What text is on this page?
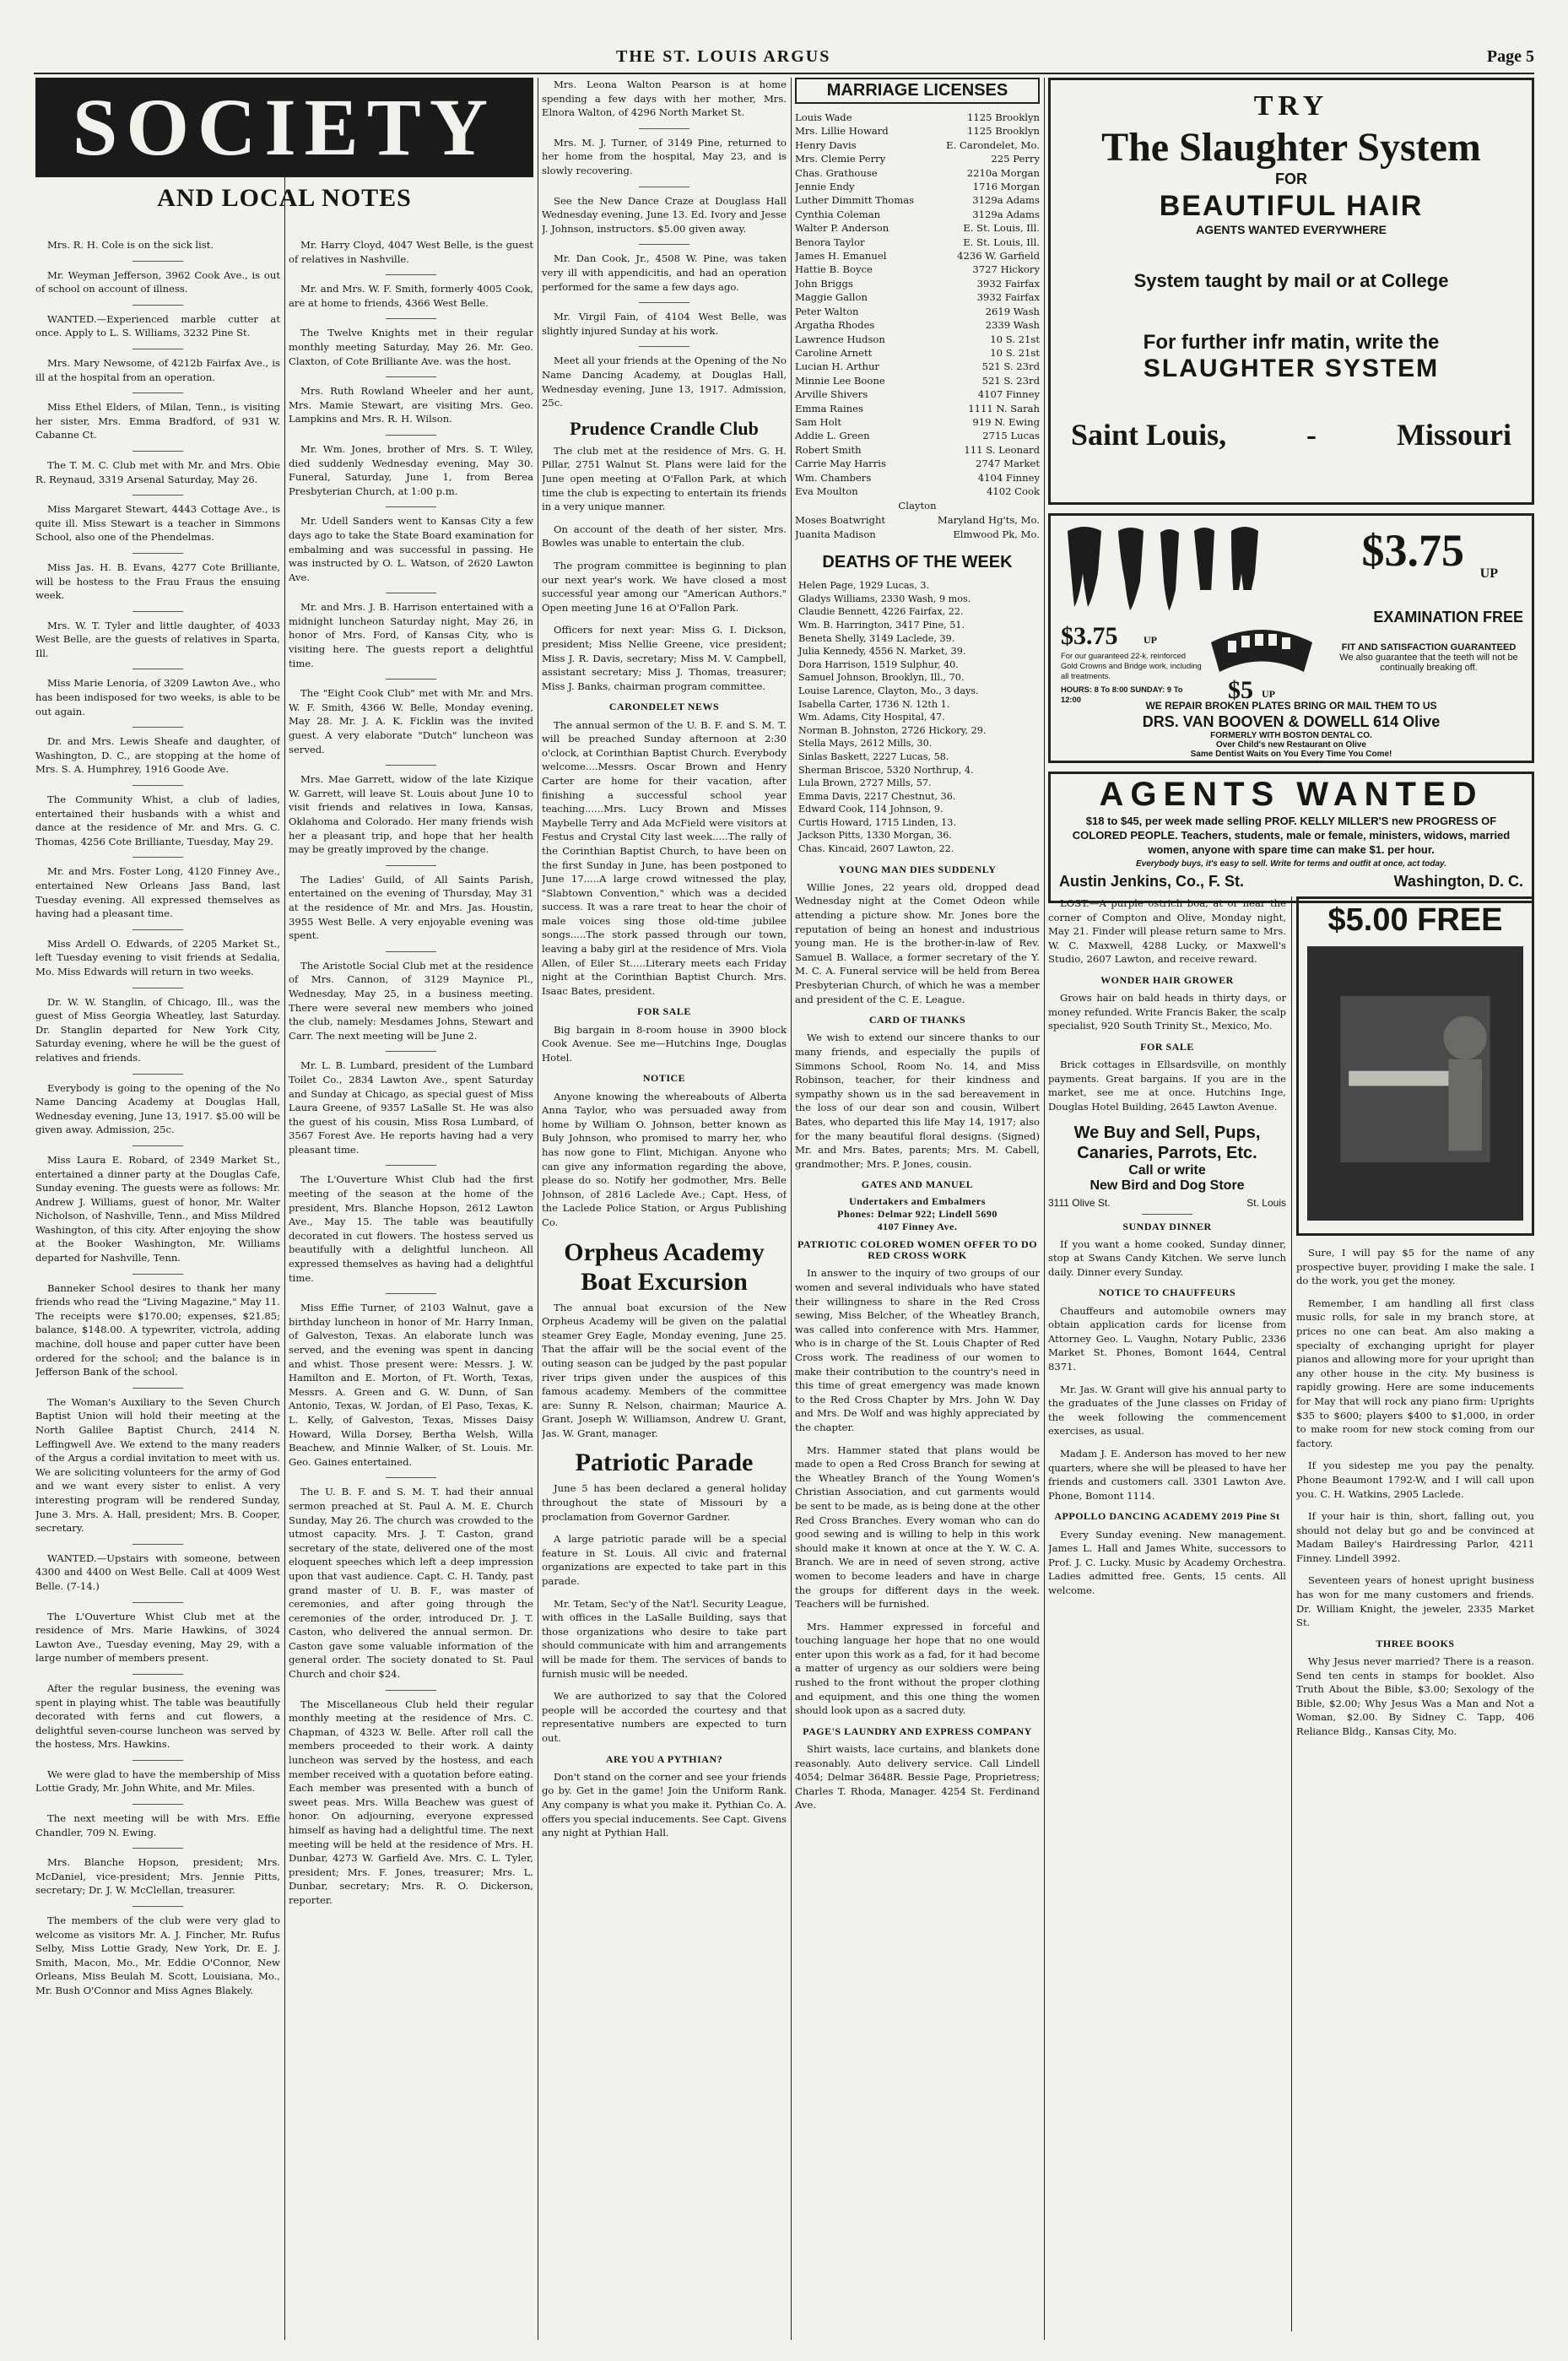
THE ST. LOUIS ARGUS	Page 5
SOCIETY
AND LOCAL NOTES

Mrs. R. H. Cole is on the sick list.

Mr. Weyman Jefferson, 3962 Cook Ave., is out of school on account of illness.

WANTED.—Experienced marble cutter at once. Apply to L. S. Williams, 3232 Pine St.

Mrs. Mary Newsome, of 4212b Fairfax Ave., is ill at the hospital from an operation.

Miss Ethel Elders, of Milan, Tenn., is visiting her sister, Mrs. Emma Bradford, of 931 W. Cabanne Ct.

The T. M. C. Club met with Mr. and Mrs. Obie R. Reynaud, 3319 Arsenal Saturday, May 26.

Miss Margaret Stewart, 4443 Cottage Ave., is quite ill. Miss Stewart is a teacher in Simmons School, also one of the Phendelmas.

Miss Jas. H. B. Evans, 4277 Cote Brilliante, will be hostess to the Frau Fraus the ensuing week.

Mrs. W. T. Tyler and little daughter, of 4033 West Belle, are the guests of relatives in Sparta, Ill.

Miss Marie Lenoria, of 3209 Lawton Ave., who has been indisposed for two weeks, is able to be out again.

Dr. and Mrs. Lewis Sheafe and daughter, of Washington, D. C., are stopping at the home of Mrs. S. A. Humphrey, 1916 Goode Ave.

The Community Whist, a club of ladies, entertained their husbands with a whist and dance at the residence of Mr. and Mrs. G. C. Thomas, 4256 Cote Brilliante, Tuesday, May 29.

Mr. and Mrs. Foster Long, 4120 Finney Ave., entertained New Orleans Jass Band, last Tuesday evening. All expressed themselves as having had a pleasant time.

Miss Ardell O. Edwards, of 2205 Market St., left Tuesday evening to visit friends at Sedalia, Mo. Miss Edwards will return in two weeks.

Dr. W. W. Stanglin, of Chicago, Ill., was the guest of Miss Georgia Wheatley, last Saturday. Dr. Stanglin departed for New York City, Saturday evening, where he will be the guest of relatives and friends.

Everybody is going to the opening of the No Name Dancing Academy at Douglas Hall, Wednesday evening, June 13, 1917. $5.00 will be given away. Admission, 25c.

Miss Laura E. Robard, of 2349 Market St., entertained a dinner party at the Douglas Cafe, Sunday evening. The guests were as follows: Mr. Andrew J. Williams, guest of honor, Mr. Walter Nicholson, of Nashville, Tenn., and Miss Mildred Washington, of this city. After enjoying the show at the Booker Washington, Mr. Williams departed for Nashville, Tenn.

Banneker School desires to thank her many friends who read the "Living Magazine," May 11. The receipts were $170.00; expenses, $21.85; balance, $148.00. A typewriter, victrola, adding machine, doll house and paper cutter have been ordered for the school; and the balance is in Jefferson Bank of the school.

The Woman's Auxiliary to the Seven Church Baptist Union will hold their meeting at the North Galilee Baptist Church, 2414 N. Leffingwell Ave. We extend to the many readers of the Argus a cordial invitation to meet with us. We are soliciting volunteers for the army of God and we want every sister to enlist. A very interesting program will be rendered Sunday, June 3. Mrs. A. Hall, president; Mrs. B. Cooper, secretary.

WANTED.—Upstairs with someone, between 4300 and 4400 on West Belle. Call at 4009 West Belle. (7-14.)

The L'Ouverture Whist Club met at the residence of Mrs. Marie Hawkins, of 3024 Lawton Ave., Tuesday evening, May 29, with a large number of members present.

After the regular business, the evening was spent in playing whist. The table was beautifully decorated with ferns and cut flowers, a delightful seven-course luncheon was served by the hostess, Mrs. Hawkins.

We were glad to have the membership of Miss Lottie Grady, Mr. John White, and Mr. Miles.

The next meeting will be with Mrs. Effie Chandler, 709 N. Ewing.

Mrs. Blanche Hopson, president; Mrs. McDaniel, vice-president; Mrs. Jennie Pitts, secretary; Dr. J. W. McClellan, treasurer.

The members of the club were very glad to welcome as visitors Mr. A. J. Fincher, Mr. Rufus Selby, Miss Lottie Grady, New York, Dr. E. J. Smith, Macon, Mo., Mr. Eddie O'Connor, New Orleans, Miss Beulah M. Scott, Louisiana, Mo., Mr. Bush O'Connor and Miss Agnes Blakely.

Mr. Harry Cloyd, 4047 West Belle, is the guest of relatives in Nashville.

Mr. and Mrs. W. F. Smith, formerly 4005 Cook, are at home to friends, 4366 West Belle.

The Twelve Knights met in their regular monthly meeting Saturday, May 26. Mr. Geo. Claxton, of Cote Brilliante Ave. was the host.

Mrs. Ruth Rowland Wheeler and her aunt, Mrs. Mamie Stewart, are visiting Mrs. Geo. Lampkins and Mrs. R. H. Wilson.

Mr. Wm. Jones, brother of Mrs. S. T. Wiley, died suddenly Wednesday evening, May 30. Funeral, Saturday, June 1, from Berea Presbyterian Church, at 1:00 p.m.

Mr. Udell Sanders went to Kansas City a few days ago to take the State Board examination for embalming and was successful in passing. He was instructed by O. L. Watson, of 2620 Lawton Ave.

Mr. and Mrs. J. B. Harrison entertained with a midnight luncheon Saturday night, May 26, in honor of Mrs. Ford, of Kansas City, who is visiting here. The guests report a delightful time.

The "Eight Cook Club" met with Mr. and Mrs. W. F. Smith, 4366 W. Belle, Monday evening, May 28. Mr. J. A. K. Ficklin was the invited guest. A very elaborate "Dutch" luncheon was served.

Mrs. Mae Garrett, widow of the late Kizique W. Garrett, will leave St. Louis about June 10 to visit friends and relatives in Iowa, Kansas, Oklahoma and Colorado. Her many friends wish her a pleasant trip, and hope that her health may be greatly improved by the change.

The Ladies' Guild, of All Saints Parish, entertained on the evening of Thursday, May 31 at the residence of Mr. and Mrs. Jas. Houstin, 3955 West Belle. A very enjoyable evening was spent.

The Aristotle Social Club met at the residence of Mrs. Cannon, of 3129 Maynice Pl., Wednesday, May 25, in a business meeting. There were several new members who joined the club, namely: Mesdames Johns, Stewart and Carr. The next meeting will be June 2.

Mr. L. B. Lumbard, president of the Lumbard Toilet Co., 2834 Lawton Ave., spent Saturday and Sunday at Chicago, as special guest of Miss Laura Greene, of 9357 LaSalle St. He was also the guest of his cousin, Miss Rosa Lumbard, of 3567 Forest Ave. He reports having had a very pleasant time.

The L'Ouverture Whist Club had the first meeting of the season at the home of the president, Mrs. Blanche Hopson, 2612 Lawton Ave., May 15. The table was beautifully decorated in cut flowers. The hostess served us beautifully with a delightful luncheon. All expressed themselves as having had a delightful time.

Miss Effie Turner, of 2103 Walnut, gave a birthday luncheon in honor of Mr. Harry Inman, of Galveston, Texas. An elaborate lunch was served, and the evening was spent in dancing and whist. Those present were: Messrs. J. W. Hamilton and E. Morton, of Ft. Worth, Texas, Messrs. A. Green and G. W. Dunn, of San Antonio, Texas, W. Jordan, of El Paso, Texas, K. L. Kelly, of Galveston, Texas, Misses Daisy Howard, Willa Dorsey, Bertha Welsh, Willa Beachew, and Minnie Walker, of St. Louis. Mr. Geo. Gaines entertained.

The U. B. F. and S. M. T. had their annual sermon preached at St. Paul A. M. E. Church Sunday, May 26. The church was crowded to the utmost capacity. Mrs. J. T. Caston, grand secretary of the state, delivered one of the most eloquent speeches which left a deep impression upon that vast audience. Capt. C. H. Tandy, past grand master of U. B. F., was master of ceremonies, and after going through the ceremonies of the order, introduced Dr. J. T. Caston, who delivered the annual sermon. Dr. Caston gave some valuable information of the general order. The society donated to St. Paul Church and choir $24.

The Miscellaneous Club held their regular monthly meeting at the residence of Mrs. C. Chapman, of 4323 W. Belle. After roll call the members proceeded to their work. A dainty luncheon was served by the hostess, and each member received with a quotation before eating. Each member was presented with a bunch of sweet peas. Mrs. Willa Beachew was guest of honor. On adjourning, everyone expressed himself as having had a delightful time. The next meeting will be held at the residence of Mrs. H. Dunbar, 4273 W. Garfield Ave. Mrs. C. L. Tyler, president; Mrs. F. Jones, treasurer; Mrs. L. Dunbar, secretary; Mrs. R. O. Dickerson, reporter.

Mrs. Leona Walton Pearson is at home spending a few days with her mother, Mrs. Elnora Walton, of 4296 North Market St.

Mrs. M. J. Turner, of 3149 Pine, returned to her home from the hospital, May 23, and is slowly recovering.

See the New Dance Craze at Douglass Hall Wednesday evening, June 13. Ed. Ivory and Jesse J. Johnson, instructors. $5.00 given away.

Mr. Dan Cook, Jr., 4508 W. Pine, was taken very ill with appendicitis, and had an operation performed for the same a few days ago.

Mr. Virgil Fain, of 4104 West Belle, was slightly injured Sunday at his work.

Meet all your friends at the Opening of the No Name Dancing Academy, at Douglas Hall, Wednesday evening, June 13, 1917. Admission, 25c.

Prudence Crandle Club

The club met at the residence of Mrs. G. H. Pillar, 2751 Walnut St. Plans were laid for the June open meeting at O'Fallon Park, at which time the club is expecting to entertain its friends in a very unique manner.

On account of the death of her sister, Mrs. Bowles was unable to entertain the club.

The program committee is beginning to plan our next year's work. We have closed a most successful year among our "American Authors." Open meeting June 16 at O'Fallon Park.

Officers for next year: Miss G. I. Dickson, president; Miss Nellie Greene, vice president; Miss J. R. Davis, secretary; Miss M. V. Campbell, assistant secretary; Miss J. Thomas, treasurer; Miss J. Banks, chairman program committee.

CARONDELET NEWS

The annual sermon of the U. B. F. and S. M. T. will be preached Sunday afternoon at 2:30 o'clock, at Corinthian Baptist Church. Everybody welcome....Messrs. Oscar Brown and Henry Carter are home for their vacation, after finishing a successful school year teaching......Mrs. Lucy Brown and Misses Maybelle Terry and Ada McField were visitors at Festus and Crystal City last week.....The rally of the Corinthian Baptist Church, to have been on the first Sunday in June, has been postponed to June 17.....A large crowd witnessed the play, "Slabtown Convention," which was a decided success. It was a rare treat to hear the choir of male voices sing those old-time jubilee songs.....The stork passed through our town, leaving a baby girl at the residence of Mrs. Viola Allen, of Eiler St.....Literary meets each Friday night at the Corinthian Baptist Church. Mrs. Isaac Bates, president.

FOR SALE

Big bargain in 8-room house in 3900 block Cook Avenue. See me—Hutchins Inge, Douglas Hotel.

NOTICE

Anyone knowing the whereabouts of Alberta Anna Taylor, who was persuaded away from home by William O. Johnson, better known as Buly Johnson, who promised to marry her, who has now gone to Flint, Michigan. Anyone who can give any information regarding the above, please do so. Notify her godmother, Mrs. Belle Johnson, of 2816 Laclede Ave.; Capt. Hess, of the Laclede Police Station, or Argus Publishing Co.

Orpheus Academy
Boat Excursion

The annual boat excursion of the New Orpheus Academy will be given on the palatial steamer Grey Eagle, Monday evening, June 25. That the affair will be the social event of the outing season can be judged by the past popular river trips given under the auspices of this famous academy. Members of the committee are: Sunny R. Nelson, chairman; Maurice A. Grant, Joseph W. Williamson, Andrew U. Grant, Jas. W. Grant, manager.

Patriotic Parade

June 5 has been declared a general holiday throughout the state of Missouri by a proclamation from Governor Gardner.

A large patriotic parade will be a special feature in St. Louis. All civic and fraternal organizations are expected to take part in this parade.

Mr. Tetam, Sec'y of the Nat'l. Security League, with offices in the LaSalle Building, says that those organizations who desire to take part should communicate with him and arrangements will be made for them. The services of bands to furnish music will be needed.

We are authorized to say that the Colored people will be accorded the courtesy and that representative numbers are expected to turn out.

ARE YOU A PYTHIAN?

Don't stand on the corner and see your friends go by. Get in the game! Join the Uniform Rank. Any company is what you make it. Pythian Co. A. offers you special inducements. See Capt. Givens any night at Pythian Hall.

MARRIAGE LICENSES
Louis Wade	1125 Brooklyn
Mrs. Lillie Howard	1125 Brooklyn
Henry Davis	E. Carondelet, Mo.
Mrs. Clemie Perry	225 Perry
Chas. Grathouse	2210a Morgan
Jennie Endy	1716 Morgan
Luther Dimmitt Thomas	3129a Adams
Cynthia Coleman	3129a Adams
Walter P. Anderson	E. St. Louis, Ill.
Benora Taylor	E. St. Louis, Ill.
James H. Emanuel	4236 W. Garfield
Hattie B. Boyce	3727 Hickory
John Briggs	3932 Fairfax
Maggie Gallon	3932 Fairfax
Peter Walton	2619 Wash
Argatha Rhodes	2339 Wash
Lawrence Hudson	10 S. 21st
Caroline Arnett	10 S. 21st
Lucian H. Arthur	521 S. 23rd
Minnie Lee Boone	521 S. 23rd
Arville Shivers	4107 Finney
Emma Raines	1111 N. Sarah
Sam Holt	919 N. Ewing
Addie L. Green	2715 Lucas
Robert Smith	111 S. Leonard
Carrie May Harris	2747 Market
Wm. Chambers	4104 Finney
Eva Moulton	4102 Cook
Clayton
Moses Boatwright	Maryland Hg'ts, Mo.
Juanita Madison	Elmwood Pk, Mo.
DEATHS OF THE WEEK
Helen Page, 1929 Lucas, 3.
Gladys Williams, 2330 Wash, 9 mos.
Claudie Bennett, 4226 Fairfax, 22.
Wm. B. Harrington, 3417 Pine, 51.
Beneta Shelly, 3149 Laclede, 39.
Julia Kennedy, 4556 N. Market, 39.
Dora Harrison, 1519 Sulphur, 40.
Samuel Johnson, Brooklyn, Ill., 70.
Louise Larence, Clayton, Mo., 3 days.
Isabella Carter, 1736 N. 12th 1.
Wm. Adams, City Hospital, 47.
Norman B. Johnston, 2726 Hickory, 29.
Stella Mays, 2612 Mills, 30.
Sinlas Baskett, 2227 Lucas, 58.
Sherman Briscoe, 5320 Northrup, 4.
Lula Brown, 2727 Mills, 57.
Emma Davis, 2217 Chestnut, 36.
Edward Cook, 114 Johnson, 9.
Curtis Howard, 1715 Linden, 13.
Jackson Pitts, 1330 Morgan, 36.
Chas. Kincaid, 2607 Lawton, 22.
YOUNG MAN DIES SUDDENLY

Willie Jones, 22 years old, dropped dead Wednesday night at the Comet Odeon while attending a picture show. Mr. Jones bore the reputation of being an honest and industrious young man. He is the brother-in-law of Rev. Samuel B. Wallace, a former secretary of the Y. M. C. A. Funeral service will be held from Berea Presbyterian Church, of which he was a member and president of the C. E. League.

CARD OF THANKS

We wish to extend our sincere thanks to our many friends, and especially the pupils of Simmons School, Room No. 14, and Miss Robinson, teacher, for their kindness and sympathy shown us in the sad bereavement in the loss of our dear son and cousin, Wilbert Bates, who departed this life May 14, 1917; also for the many beautiful floral designs. (Signed) Mr. and Mrs. Bates, parents; Mrs. M. Cabell, grandmother; Mrs. P. Jones, cousin.

GATES AND MANUEL
Undertakers and Embalmers
Phones: Delmar 922; Lindell 5690
4107 Finney Ave.
PATRIOTIC COLORED WOMEN OFFER TO DO RED CROSS WORK

In answer to the inquiry of two groups of our women and several individuals who have stated their willingness to share in the Red Cross sewing, Miss Belcher, of the Wheatley Branch, was called into conference with Mrs. Hammer, who is in charge of the St. Louis Chapter of Red Cross work. The readiness of our women to make their contribution to the country's need in this time of great emergency was made known to the Red Cross Chapter by Mrs. John W. Day and Mrs. De Wolf and was highly appreciated by the chapter.

Mrs. Hammer stated that plans would be made to open a Red Cross Branch for sewing at the Wheatley Branch of the Young Women's Christian Association, and cut garments would be sent to be made, as is being done at the other Red Cross Branches. Every woman who can do good sewing and is willing to help in this work should make it known at once at the Y. W. C. A. Branch. We are in need of seven strong, active women to become leaders and have in charge the groups for different days in the week. Teachers will be furnished.

Mrs. Hammer expressed in forceful and touching language her hope that no one would enter upon this work as a fad, for it had become a matter of urgency as our soldiers were being rushed to the front without the proper clothing and equipment, and this one thing the women should look upon as a sacred duty.

PAGE'S LAUNDRY AND EXPRESS COMPANY

Shirt waists, lace curtains, and blankets done reasonably. Auto delivery service. Call Lindell 4054; Delmar 3648R. Bessie Page, Proprietress; Charles T. Rhoda, Manager. 4254 St. Ferdinand Ave.

TRY
The Slaughter System
FOR
BEAUTIFUL HAIR
AGENTS WANTED EVERYWHERE
System taught by mail or at College
For further infr matin, write the
SLAUGHTER SYSTEM
Saint Louis,	-	Missouri
$3.75 UP
EXAMINATION FREE
$3.75	UP
For our guaranteed 22-k. reinforced Gold Crowns and Bridge work, including all treatments.
HOURS: 8 To 8:00 SUNDAY: 9 To 12:00	$5 UP
FIT AND SATISFACTION GUARANTEED
We also guarantee that the teeth will not be continually breaking off.
WE REPAIR BROKEN PLATES BRING OR MAIL THEM TO US
DRS. VAN BOOVEN & DOWELL 614 Olive
FORMERLY WITH BOSTON DENTAL CO.
Over Child's new Restaurant on Olive
Same Dentist Waits on You Every Time You Come!
AGENTS WANTED
$18 to $45, per week made selling PROF. KELLY MILLER'S new PROGRESS OF COLORED PEOPLE. Teachers, students, male or female, ministers, widows, married women, anyone with spare time can make $1. per hour.
Everybody buys, it's easy to sell. Write for terms and outfit at once, act today.
Austin Jenkins, Co., F. St.	Washington, D. C.

LOST.—A purple ostrich boa, at or near the corner of Compton and Olive, Monday night, May 21. Finder will please return same to Mrs. W. C. Maxwell, 4288 Lucky, or Maxwell's Studio, 2607 Lawton, and receive reward.

WONDER HAIR GROWER

Grows hair on bald heads in thirty days, or money refunded. Write Francis Baker, the scalp specialist, 920 South Trinity St., Mexico, Mo.

FOR SALE

Brick cottages in Ellsardsville, on monthly payments. Great bargains. If you are in the market, see me at once. Hutchins Inge, Douglas Hotel Building, 2645 Lawton Avenue.

We Buy and Sell, Pups, Canaries, Parrots, Etc.
Call or write
New Bird and Dog Store
3111 Olive St.	St. Louis
SUNDAY DINNER

If you want a home cooked, Sunday dinner, stop at Swans Candy Kitchen. We serve lunch daily. Dinner every Sunday.

NOTICE TO CHAUFFEURS

Chauffeurs and automobile owners may obtain application cards for license from Attorney Geo. L. Vaughn, Notary Public, 2336 Market St. Phones, Bomont 1644, Central 8371.

Mr. Jas. W. Grant will give his annual party to the graduates of the June classes on Friday of the week following the commencement exercises, as usual.

Madam J. E. Anderson has moved to her new quarters, where she will be pleased to have her friends and customers call. 3301 Lawton Ave. Phone, Bomont 1114.

APPOLLO DANCING ACADEMY 2019 Pine St

Every Sunday evening. New management. James L. Hall and James White, successors to Prof. J. C. Lucky. Music by Academy Orchestra. Ladies admitted free. Gents, 15 cents. All welcome.

$5.00 FREE

Sure, I will pay $5 for the name of any prospective buyer, providing I make the sale. I do the work, you get the money.

Remember, I am handling all first class music rolls, for sale in my branch store, at prices no one can beat. Am also making a specialty of exchanging upright for player pianos and allowing more for your upright than any other house in the city. My business is rapidly growing. Here are some inducements for May that will rock any piano firm: Uprights $35 to $600; players $400 to $1,000, in order to make room for new stock coming from our factory.

If you sidestep me you pay the penalty. Phone Beaumont 1792-W, and I will call upon you. C. H. Watkins, 2905 Laclede.

If your hair is thin, short, falling out, you should not delay but go and be convinced at Madam Bailey's Hairdressing Parlor, 4211 Finney. Lindell 3992.

Seventeen years of honest upright business has won for me many customers and friends. Dr. William Knight, the jeweler, 2335 Market St.

THREE BOOKS

Why Jesus never married? There is a reason. Send ten cents in stamps for booklet. Also Truth About the Bible, $3.00; Sexology of the Bible, $2.00; Why Jesus Was a Man and Not a Woman, $2.00. By Sidney C. Tapp, 406 Reliance Bldg., Kansas City, Mo.
